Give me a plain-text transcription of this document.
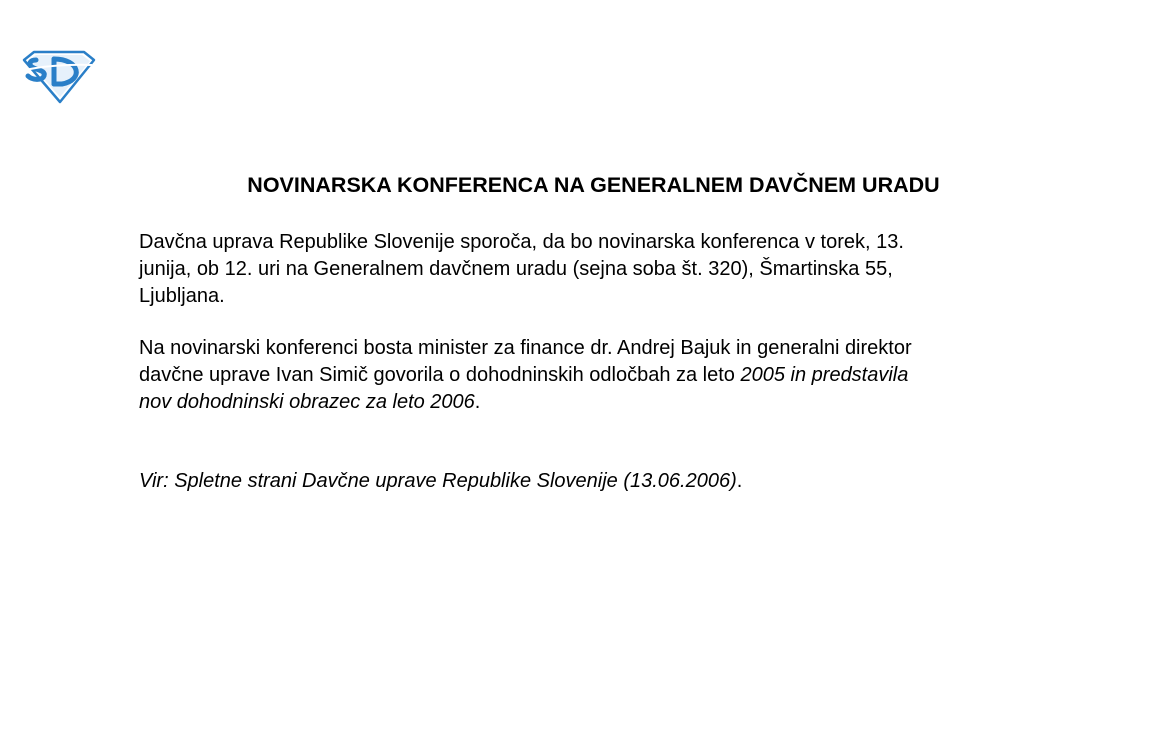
NOVINARSKA KONFERENCA NA GENERALNEM DAVČNEM URADU

Davčna uprava Republike Slovenije sporoča, da bo novinarska konferenca v torek, 13.
junija, ob 12. uri na Generalnem davčnem uradu (sejna soba št. 320), Šmartinska 55,
Ljubljana.

Na novinarski konferenci bosta minister za finance dr. Andrej Bajuk in generalni direktor
davčne uprave Ivan Simič govorila o dohodninskih odločbah za leto 2005 in predstavila
nov dohodninski obrazec za leto 2006.

Vir: Spletne strani Davčne uprave Republike Slovenije (13.06.2006).
